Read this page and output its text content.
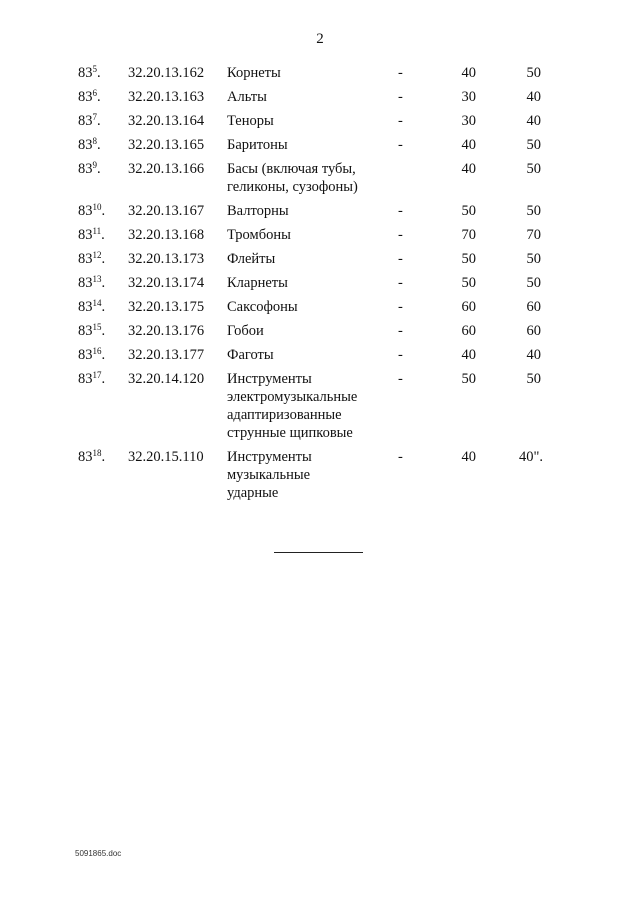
2
$83^5$. 32.20.13.162 Корнеты	-	40	50
$83^6$. 32.20.13.163 Альты	-	30	40
$83^7$. 32.20.13.164 Теноры	-	30	40
$83^8$. 32.20.13.165 Баритоны	-	40	50
$83^9$. 32.20.13.166 Басы (включая тубы,
геликоны, сузофоны)
40	50
$83^{10}$. 32.20.13.167 Валторны	-	50	50
$83^{11}$. 32.20.13.168 Тромбоны	-	70	70
$83^{12}$. 32.20.13.173 Флейты	-	50	50
$83^{13}$. 32.20.13.174 Кларнеты	-	50	50
$83^{14}$. 32.20.13.175 Саксофоны	-	60	60
$83^{15}$. 32.20.13.176 Гобои	-	60	60
$83^{16}$. 32.20.13.177 Фаготы	-	40	40
$83^{17}$. 32.20.14.120 Инструменты
электромузыкальные
адаптиризованные
струнные щипковые
-	50	50
$83^{18}$. 32.20.15.110 Инструменты
музыкальные
ударные
-	40	40".
5091865.doc
